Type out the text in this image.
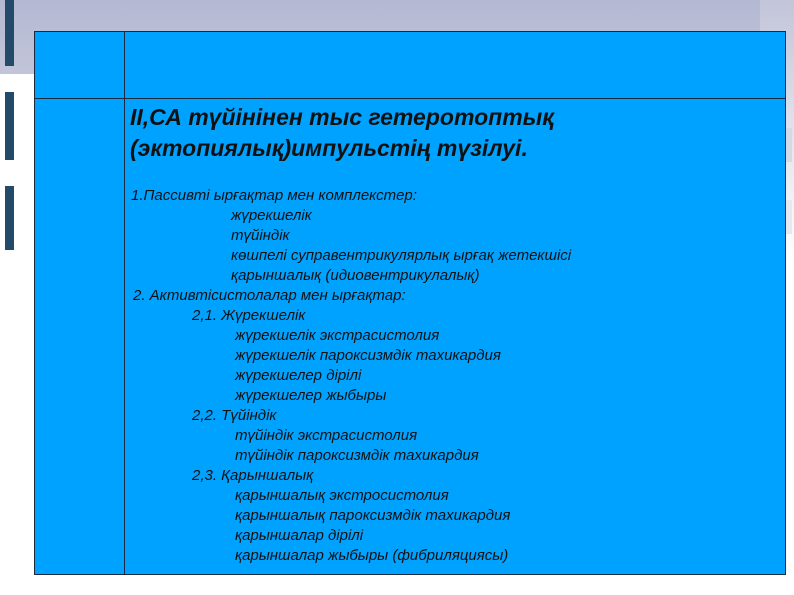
II,СА түйінінен тыс гетеротоптық
(эктопиялық)импульстің түзілуі.
1.Пассивті ырғақтар мен комплекстер:
жүрекшелік
түйіндік
көшпелі суправентрикулярлық ырғақ жетекшісі
қарыншалық (идиовентрикулалық)
2. Активтісистолалар мен ырғақтар:
2,1. Жүрекшелік
жүрекшелік экстрасистолия
жүрекшелік пароксизмдік тахикардия
жүрекшелер дірілі
жүрекшелер жыбыры
2,2. Түйіндік
түйіндік экстрасистолия
түйіндік пароксизмдік тахикардия
2,3. Қарыншалық
қарыншалық экстросистолия
қарыншалық пароксизмдік тахикардия
қарыншалар дірілі
қарыншалар жыбыры (фибриляциясы)
